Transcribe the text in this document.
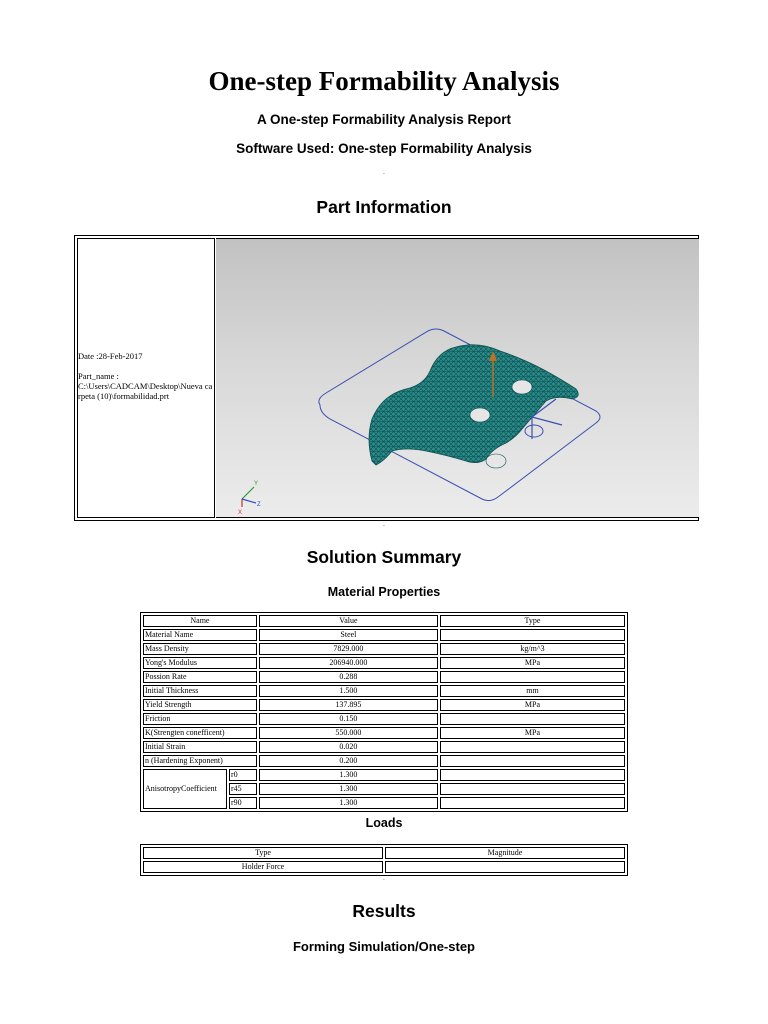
One-step Formability Analysis
A One-step Formability Analysis Report
Software Used: One-step Formability Analysis
.
Part Information
Date :28-Feb-2017
Part_name :
C:\Users\CADCAM\Desktop\Nueva carpeta (10)\formabilidad.prt
Y
X
Z
.
Solution Summary
Material Properties
Name		Value	Type
Material Name		Steel	
Mass Density		7829.000	kg/m^3
Yong's Modulus		206940.000	MPa
Possion Rate		0.288	
Initial Thickness		1.500	mm
Yield Strength		137.895	MPa
Friction		0.150	
K(Strengten conefficent)		550.000	MPa
Initial Strain		0.020	
n (Hardening Exponent)		0.200	
AnisotropyCoefficient	r0	1.300	
	r45	1.300	
	r90	1.300	
Loads
Type	Magnitude
Holder Force	
.
Results
Forming Simulation/One-step
